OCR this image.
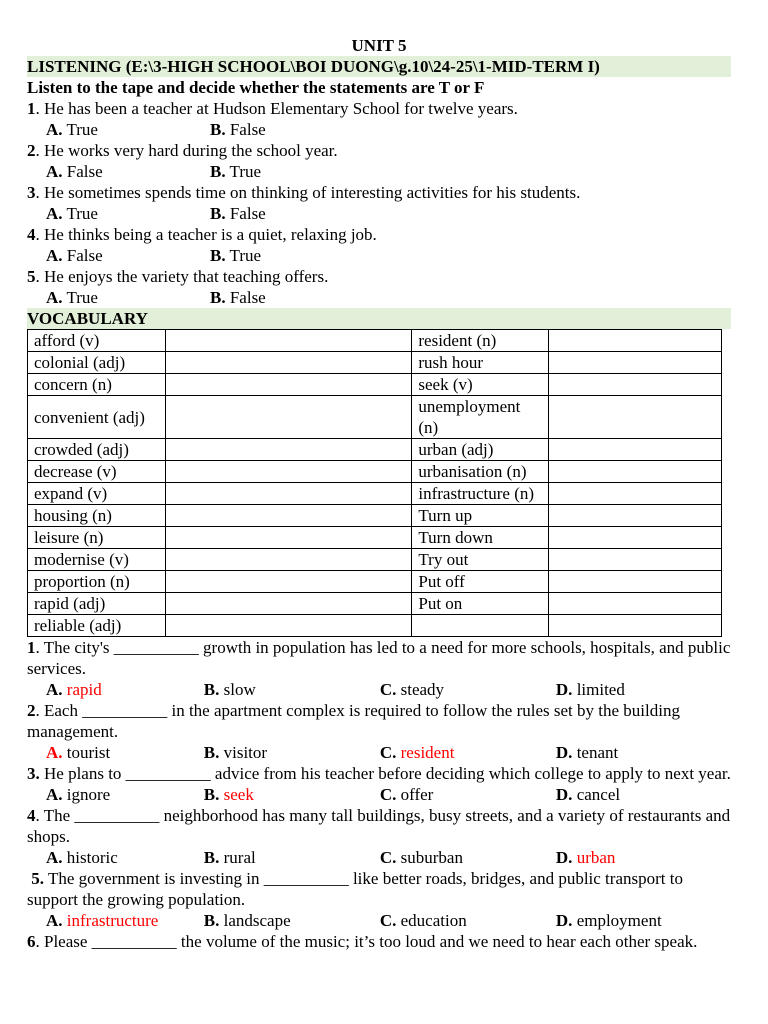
UNIT 5
LISTENING (E:\3-HIGH SCHOOL\BOI DUONG\g.10\24-25\1-MID-TERM I)
Listen to the tape and decide whether the statements are T or F
1. He has been a teacher at Hudson Elementary School for twelve years.
A. True	B. False
2. He works very hard during the school year.
A. False	B. True
3. He sometimes spends time on thinking of interesting activities for his students.
A. True	B. False
4. He thinks being a teacher is a quiet, relaxing job.
A. False	B. True
5. He enjoys the variety that teaching offers.
A. True	B. False
VOCABULARY
afford (v)		resident (n)	
colonial (adj)		rush hour	
concern (n)		seek (v)	
convenient (adj)		unemployment (n)	
crowded (adj)		urban (adj)	
decrease (v)		urbanisation (n)	
expand (v)		infrastructure (n)	
housing (n)		Turn up	
leisure (n)		Turn down	
modernise (v)		Try out	
proportion (n)		Put off	
rapid (adj)		Put on	
reliable (adj)			
1. The city's __________ growth in population has led to a need for more schools, hospitals, and public services.
A. rapid	B. slow	C. steady	D. limited
2. Each __________ in the apartment complex is required to follow the rules set by the building management.
A. tourist	B. visitor	C. resident	D. tenant
3. He plans to __________ advice from his teacher before deciding which college to apply to next year.
A. ignore	B. seek	C. offer	D. cancel
4. The __________ neighborhood has many tall buildings, busy streets, and a variety of restaurants and shops.
A. historic	B. rural	C. suburban	D. urban
5. The government is investing in __________ like better roads, bridges, and public transport to support the growing population.
A. infrastructure	B. landscape	C. education	D. employment
6. Please __________ the volume of the music; it’s too loud and we need to hear each other speak.
